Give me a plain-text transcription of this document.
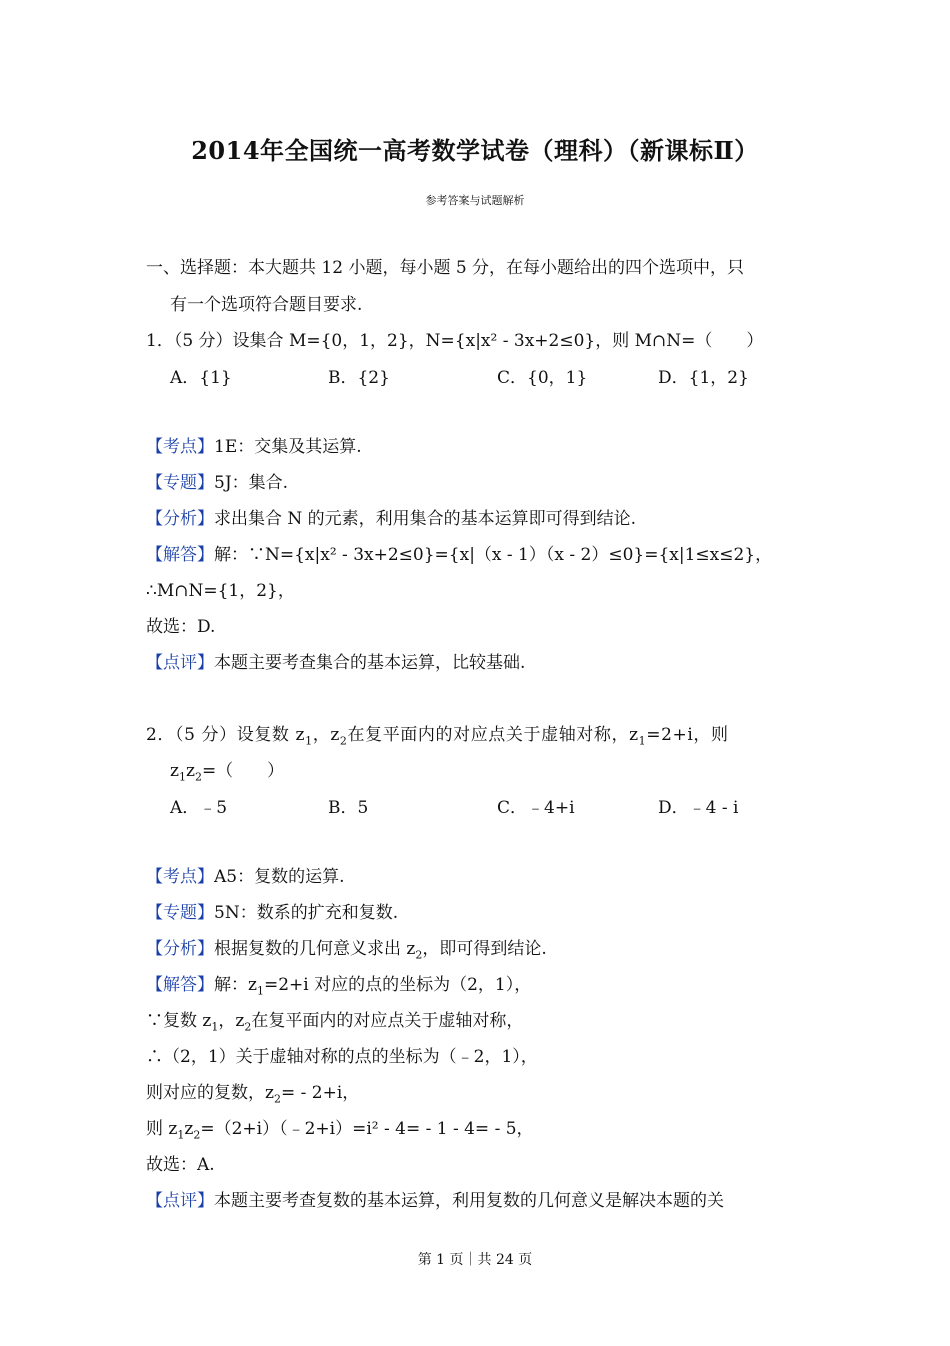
2014年全国统一高考数学试卷（理科）（新课标Ⅱ）
参考答案与试题解析
一、选择题：本大题共 12 小题，每小题 5 分，在每小题给出的四个选项中，只
有一个选项符合题目要求.
1．（5 分）设集合 M={0，1，2}，N={x|x² - 3x+2≤0}，则 M∩N=（　　）
A．{1}	B．{2}	C．{0，1}	D．{1，2}
【考点】1E：交集及其运算.
【专题】5J：集合.
【分析】求出集合 N 的元素，利用集合的基本运算即可得到结论.
【解答】解：∵N={x|x² - 3x+2≤0}={x|（x - 1）（x - 2）≤0}={x|1≤x≤2}，
∴M∩N={1，2}，
故选：D.
【点评】本题主要考查集合的基本运算，比较基础.
2．（5 分）设复数 $z_1$，$z_2$在复平面内的对应点关于虚轴对称，$z_1=2+i$，则
$z_1z_2=$（　　）
A．﹣5	B．5	C．﹣4+i	D．﹣4 - i
【考点】A5：复数的运算.
【专题】5N：数系的扩充和复数.
【分析】根据复数的几何意义求出 $z_2$，即可得到结论.
【解答】解：$z_1=2+i$ 对应的点的坐标为（2，1），
∵复数 $z_1$，$z_2$在复平面内的对应点关于虚轴对称，
∴（2，1）关于虚轴对称的点的坐标为（﹣2，1），
则对应的复数，$z_2= - 2+i$，
则 $z_1z_2=(2+i)(﹣2+i)=i^2 - 4= - 1 - 4= - 5$，
故选：A.
【点评】本题主要考查复数的基本运算，利用复数的几何意义是解决本题的关
第 1 页｜共 24 页
